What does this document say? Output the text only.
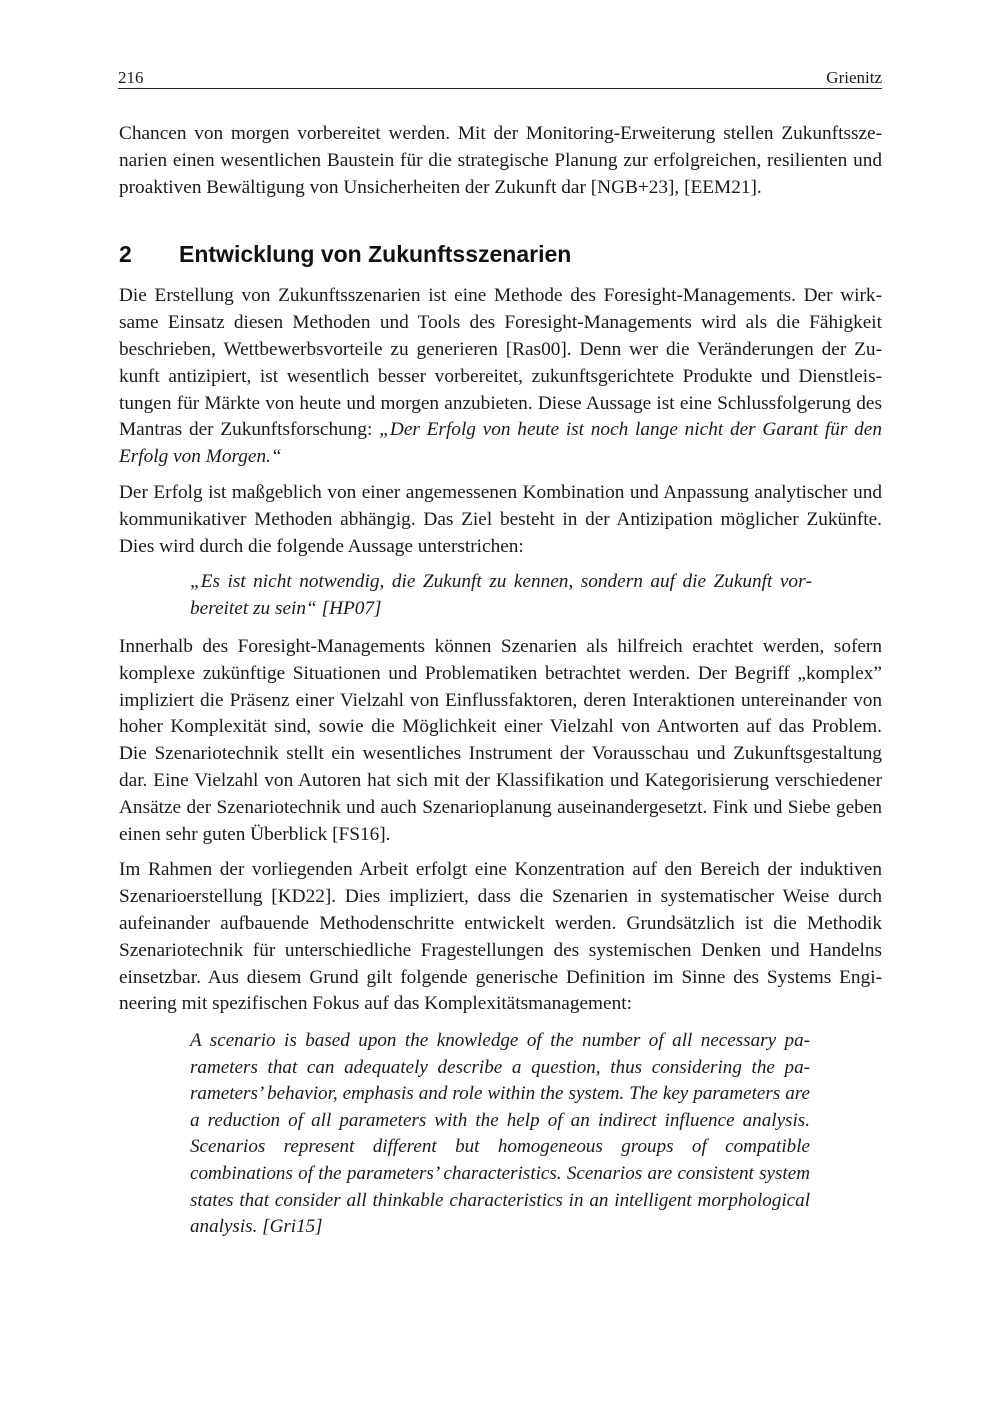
216	Grienitz

Chancen von morgen vorbereitet werden. Mit der Monitoring-Erweiterung stellen Zukunftsszenarien einen wesentlichen Baustein für die strategische Planung zur erfolgreichen, resilienten und proaktiven Bewältigung von Unsicherheiten der Zukunft dar [NGB+23], [EEM21].

2 Entwicklung von Zukunftsszenarien

Die Erstellung von Zukunftsszenarien ist eine Methode des Foresight-Managements. Der wirksame Einsatz diesen Methoden und Tools des Foresight-Managements wird als die Fähigkeit beschrieben, Wettbewerbsvorteile zu generieren [Ras00]. Denn wer die Veränderungen der Zukunft antizipiert, ist wesentlich besser vorbereitet, zukunftsgerichtete Produkte und Dienstleistungen für Märkte von heute und morgen anzubieten. Diese Aussage ist eine Schlussfolgerung des Mantras der Zukunftsforschung: „Der Erfolg von heute ist noch lange nicht der Garant für den Erfolg von Morgen.“

Der Erfolg ist maßgeblich von einer angemessenen Kombination und Anpassung analytischer und kommunikativer Methoden abhängig. Das Ziel besteht in der Antizipation möglicher Zukünfte. Dies wird durch die folgende Aussage unterstrichen:

„Es ist nicht notwendig, die Zukunft zu kennen, sondern auf die Zukunft vorbereitet zu sein“ [HP07]

Innerhalb des Foresight-Managements können Szenarien als hilfreich erachtet werden, sofern komplexe zukünftige Situationen und Problematiken betrachtet werden. Der Begriff „komplex” impliziert die Präsenz einer Vielzahl von Einflussfaktoren, deren Interaktionen untereinander von hoher Komplexität sind, sowie die Möglichkeit einer Vielzahl von Antworten auf das Problem. Die Szenariotechnik stellt ein wesentliches Instrument der Vorausschau und Zukunftsgestaltung dar. Eine Vielzahl von Autoren hat sich mit der Klassifikation und Kategorisierung verschiedener Ansätze der Szenariotechnik und auch Szenarioplanung auseinandergesetzt. Fink und Siebe geben einen sehr guten Überblick [FS16].

Im Rahmen der vorliegenden Arbeit erfolgt eine Konzentration auf den Bereich der induktiven Szenarioerstellung [KD22]. Dies impliziert, dass die Szenarien in systematischer Weise durch aufeinander aufbauende Methodenschritte entwickelt werden. Grundsätzlich ist die Methodik Szenariotechnik für unterschiedliche Fragestellungen des systemischen Denken und Handelns einsetzbar. Aus diesem Grund gilt folgende generische Definition im Sinne des Systems Engineering mit spezifischen Fokus auf das Komplexitätsmanagement:

A scenario is based upon the knowledge of the number of all necessary parameters that can adequately describe a question, thus considering the parameters’ behavior, emphasis and role within the system. The key parameters are a reduction of all parameters with the help of an indirect influence analysis. Scenarios represent different but homogeneous groups of compatible combinations of the parameters’ characteristics. Scenarios are consistent system states that consider all thinkable characteristics in an intelligent morphological analysis. [Gri15]
